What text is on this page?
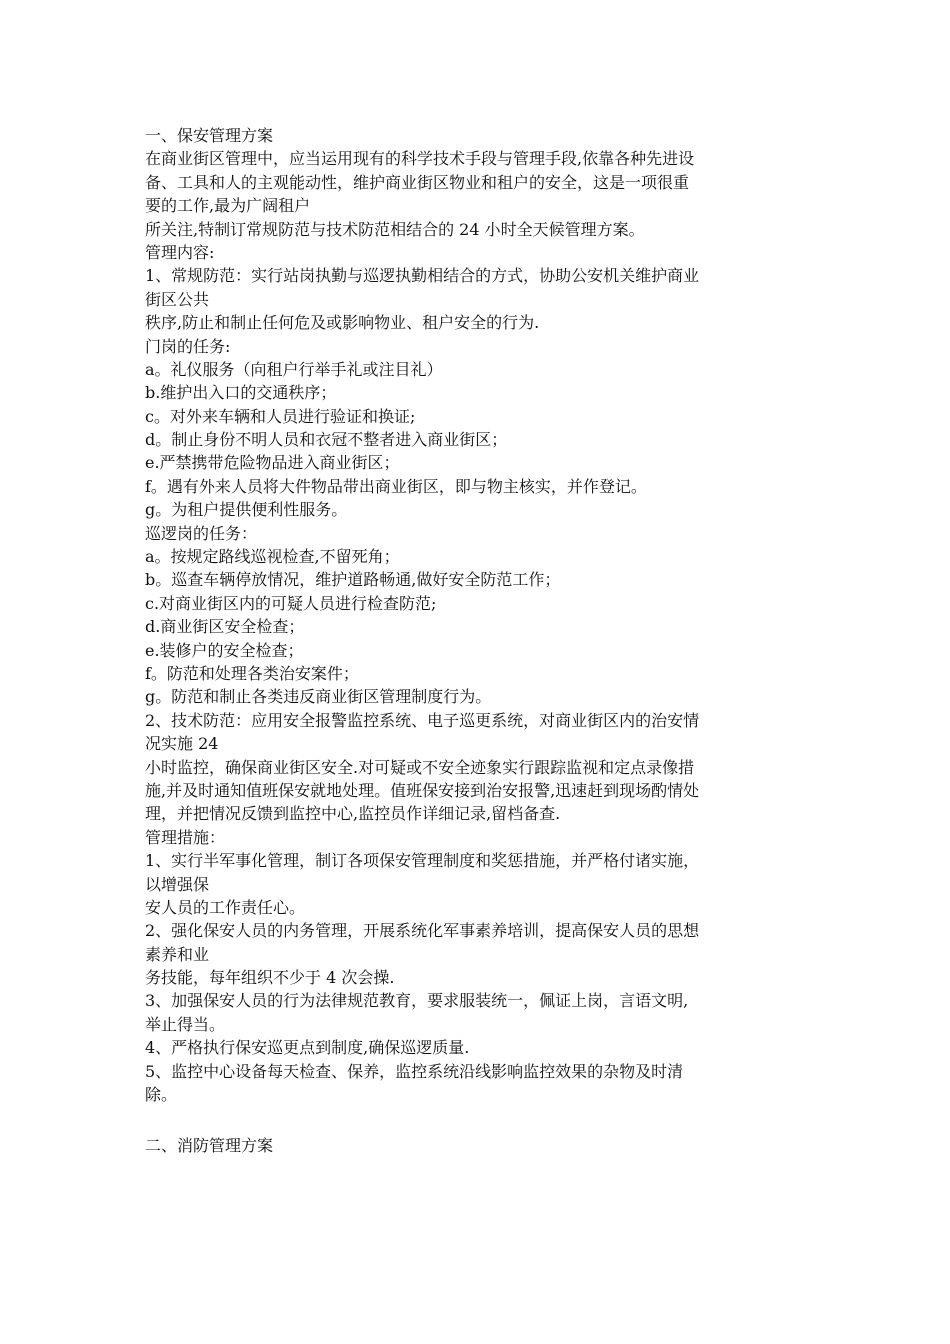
一、保安管理方案
在商业街区管理中，应当运用现有的科学技术手段与管理手段,依靠各种先进设
备、工具和人的主观能动性，维护商业街区物业和租户的安全，这是一项很重
要的工作,最为广阔租户
所关注,特制订常规防范与技术防范相结合的 24 小时全天候管理方案。
管理内容:
1、常规防范：实行站岗执勤与巡逻执勤相结合的方式，协助公安机关维护商业
街区公共
秩序,防止和制止任何危及或影响物业、租户安全的行为.
门岗的任务:
a。礼仪服务（向租户行举手礼或注目礼）
b.维护出入口的交通秩序；
c。对外来车辆和人员进行验证和换证;
d。制止身份不明人员和衣冠不整者进入商业街区；
e.严禁携带危险物品进入商业街区；
f。遇有外来人员将大件物品带出商业街区，即与物主核实，并作登记。
g。为租户提供便利性服务。
巡逻岗的任务：
a。按规定路线巡视检查,不留死角；
b。巡查车辆停放情况，维护道路畅通,做好安全防范工作；
c.对商业街区内的可疑人员进行检查防范;
d.商业街区安全检查；
e.装修户的安全检查；
f。防范和处理各类治安案件；
g。防范和制止各类违反商业街区管理制度行为。
2、技术防范：应用安全报警监控系统、电子巡更系统，对商业街区内的治安情
况实施 24
小时监控，确保商业街区安全.对可疑或不安全迹象实行跟踪监视和定点录像措
施,并及时通知值班保安就地处理。值班保安接到治安报警,迅速赶到现场酌情处
理，并把情况反馈到监控中心,监控员作详细记录,留档备查.
管理措施：
1、实行半军事化管理，制订各项保安管理制度和奖惩措施，并严格付诸实施，
以增强保
安人员的工作责任心。
2、强化保安人员的内务管理，开展系统化军事素养培训，提高保安人员的思想
素养和业
务技能，每年组织不少于 4 次会操.
3、加强保安人员的行为法律规范教育，要求服装统一，佩证上岗，言语文明,
举止得当。
4、严格执行保安巡更点到制度,确保巡逻质量.
5、监控中心设备每天检查、保养，监控系统沿线影响监控效果的杂物及时清
除。
二、消防管理方案
